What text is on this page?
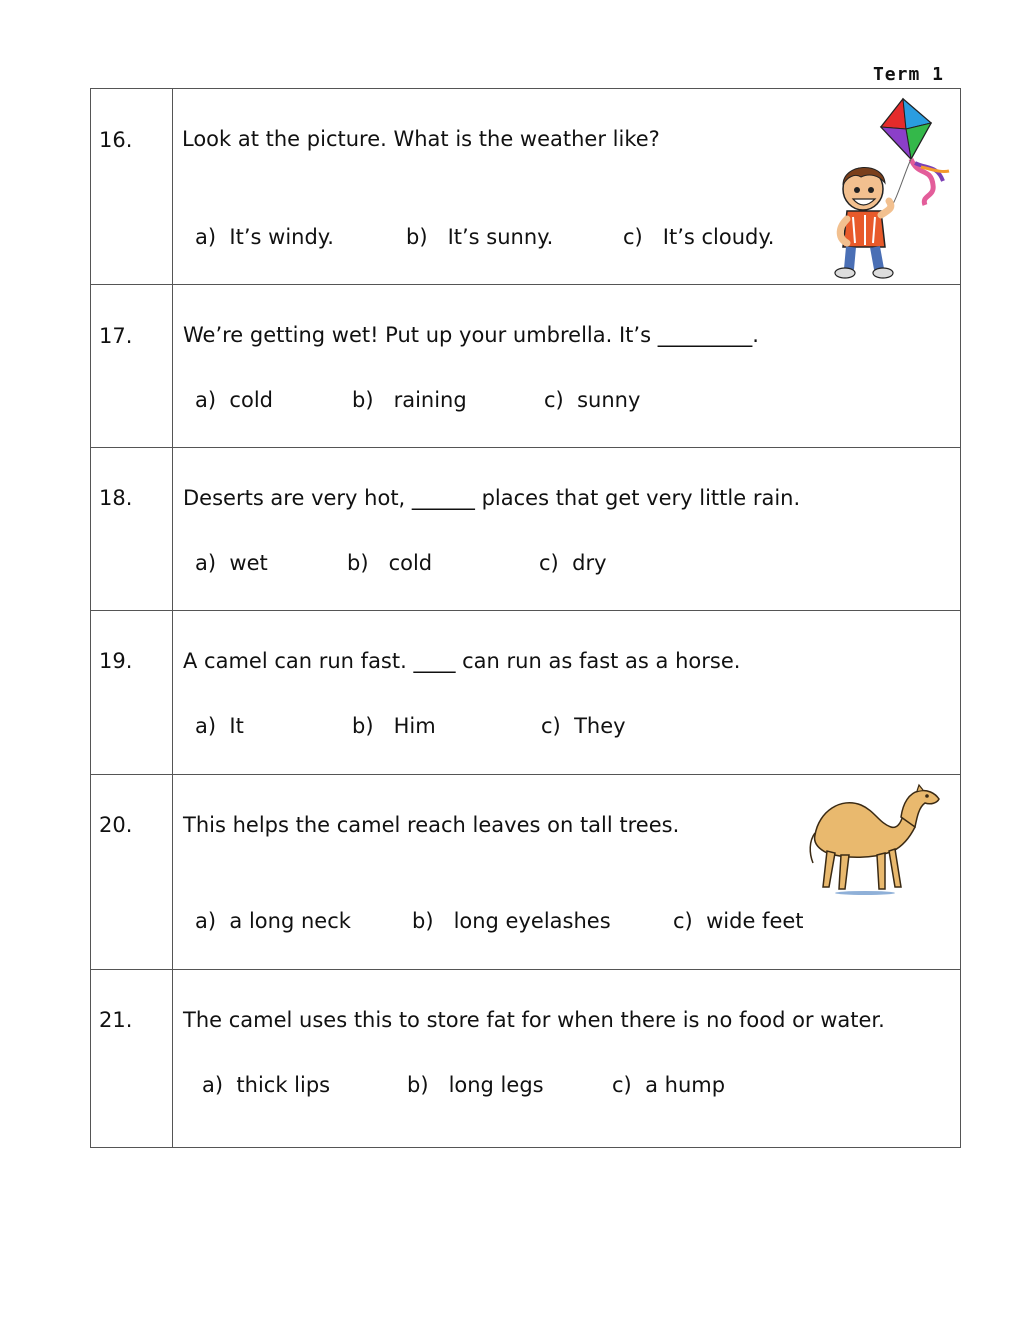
Term 1
16.	Look at the picture. What is the weather like?
a) It’s windy. b) It’s sunny. c) It’s cloudy.

17.	We’re getting wet! Put up your umbrella. It’s _________.
a) cold b) raining c) sunny

18.	Deserts are very hot, ______ places that get very little rain.
a) wet b) cold c) dry

19.	A camel can run fast. ____ can run as fast as a horse.
a) It b) Him c) They

20.	This helps the camel reach leaves on tall trees.
a) a long neck b) long eyelashes c) wide feet

21.	The camel uses this to store fat for when there is no food or water.
a) thick lips b) long legs c) a hump
